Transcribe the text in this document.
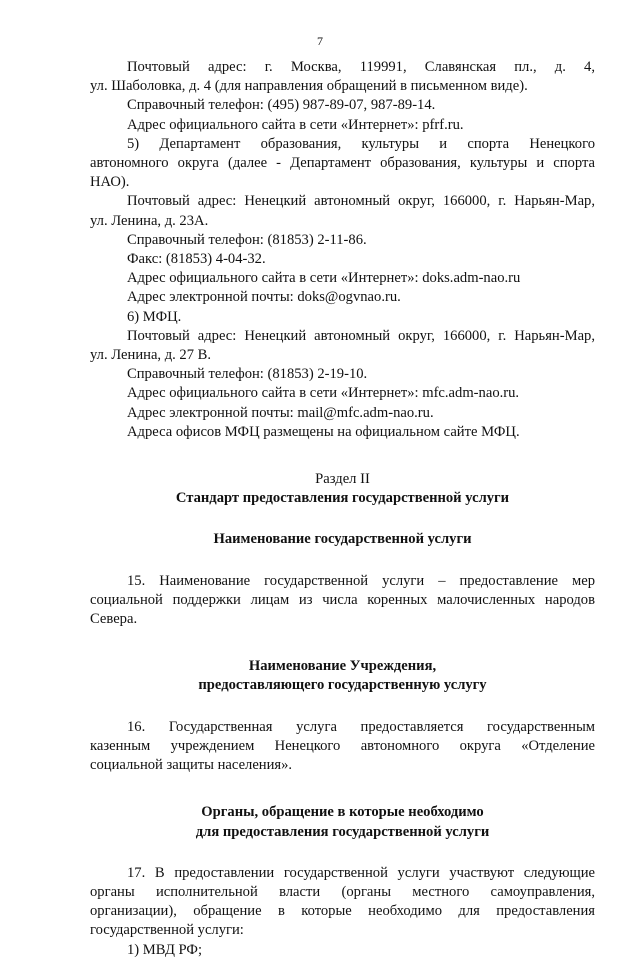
7

Почтовый адрес: г. Москва, 119991, Славянская пл., д. 4,

ул. Шаболовка, д. 4 (для направления обращений в письменном виде).

Справочный телефон: (495) 987-89-07, 987-89-14.

Адрес официального сайта в сети «Интернет»: pfrf.ru.

5) Департамент образования, культуры и спорта Ненецкого

автономного округа (далее - Департамент образования, культуры и спорта

НАО).

Почтовый адрес: Ненецкий автономный округ, 166000, г. Нарьян-Мар,

ул. Ленина, д. 23А.

Справочный телефон: (81853) 2-11-86.

Факс: (81853) 4-04-32.

Адрес официального сайта в сети «Интернет»: doks.adm-nao.ru

Адрес электронной почты: doks@ogvnao.ru.

6) МФЦ.

Почтовый адрес: Ненецкий автономный округ, 166000, г. Нарьян-Мар,

ул. Ленина, д. 27 В.

Справочный телефон: (81853) 2-19-10.

Адрес официального сайта в сети «Интернет»: mfc.adm-nao.ru.

Адрес электронной почты: mail@mfc.adm-nao.ru.

Адреса офисов МФЦ размещены на официальном сайте МФЦ.

Раздел II

Стандарт предоставления государственной услуги

Наименование государственной услуги

15. Наименование государственной услуги – предоставление мер

социальной поддержки лицам из числа коренных малочисленных народов

Севера.

Наименование Учреждения,

предоставляющего государственную услугу

16. Государственная услуга предоставляется государственным

казенным учреждением Ненецкого автономного округа «Отделение

социальной защиты населения».

Органы, обращение в которые необходимо

для предоставления государственной услуги

17. В предоставлении государственной услуги участвуют следующие

органы исполнительной власти (органы местного самоуправления,

организации), обращение в которые необходимо для предоставления

государственной услуги:

1) МВД РФ;
